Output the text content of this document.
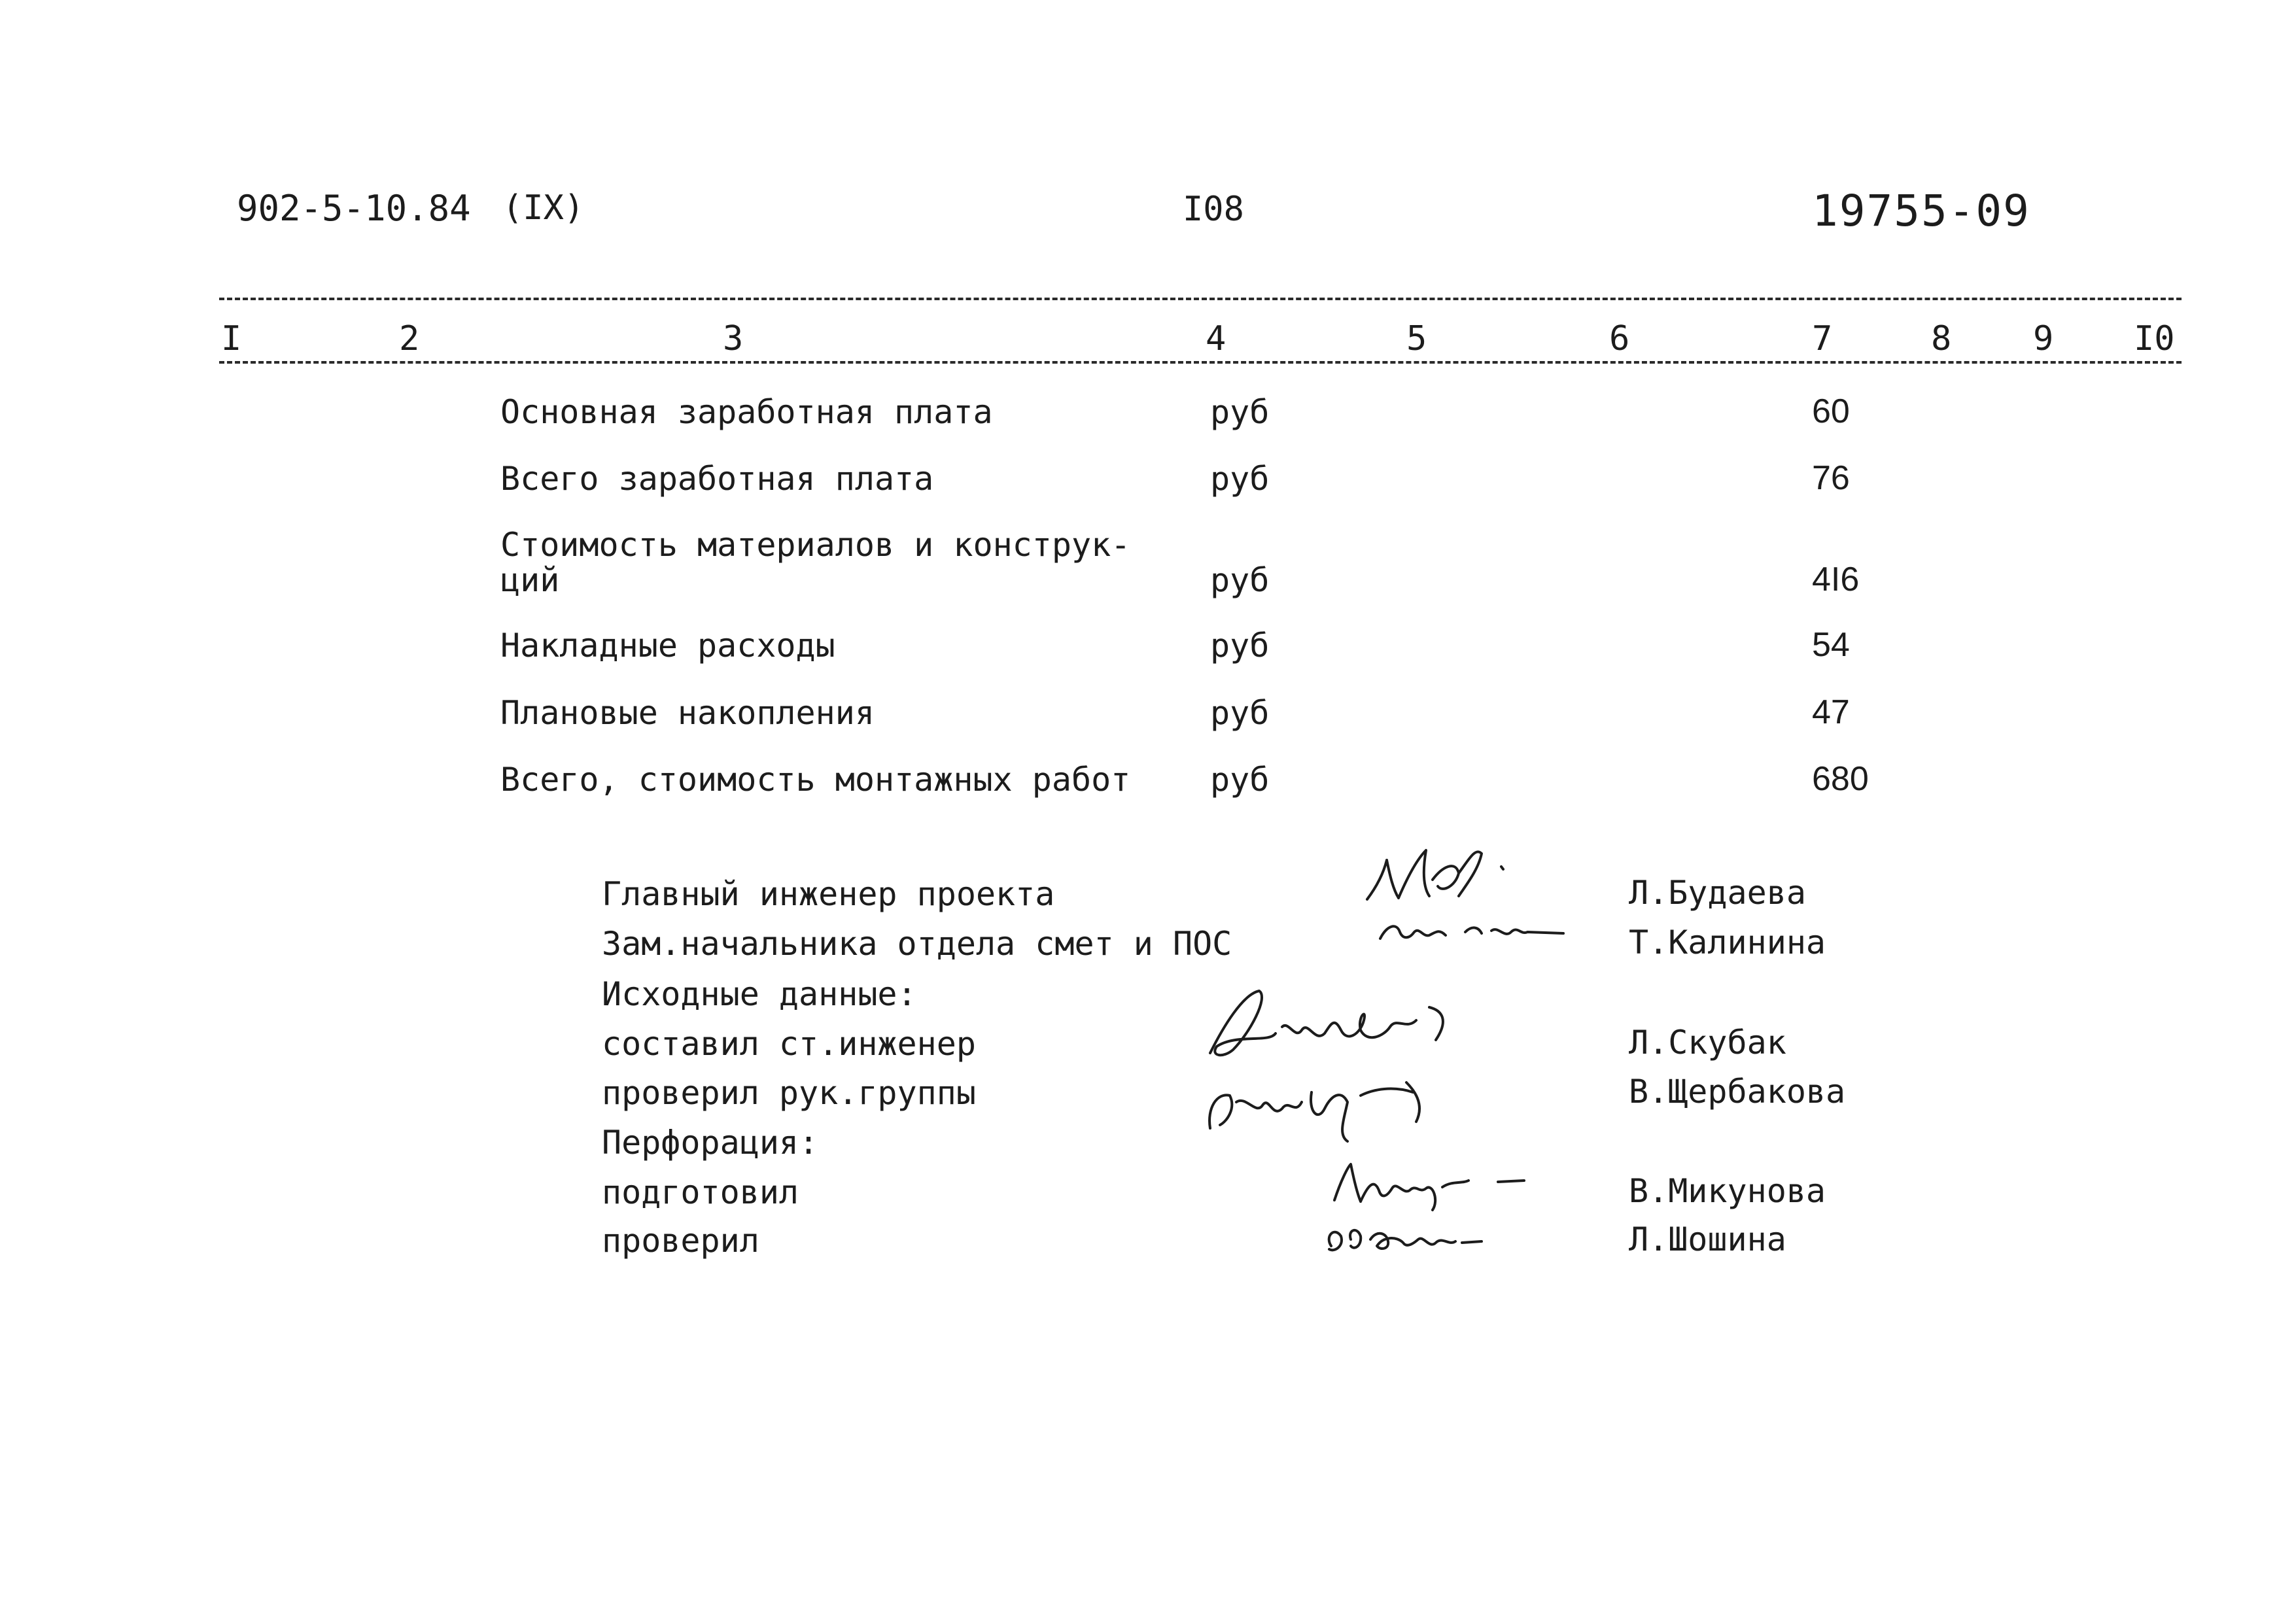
902-5-10.84 (IX)	I08	19755-09
I	2	3	4	5	6	7	8 9 I0
Основная заработная плата	руб	60
Всего заработная плата	руб	76
Стоимость материалов и конструк-
ций	руб	4I6
Накладные расходы	руб	54
Плановые накопления	руб	47
Всего, стоимость монтажных работ руб	680
Главный инженер проекта	Л.Будаева
Зам.начальника отдела смет и ПОС	Т.Калинина
Исходные данные:
составил ст.инженер	Л.Скубак
проверил рук.группы	В.Щербакова
Перфорация:
подготовил	В.Микунова
проверил	Л.Шошина
